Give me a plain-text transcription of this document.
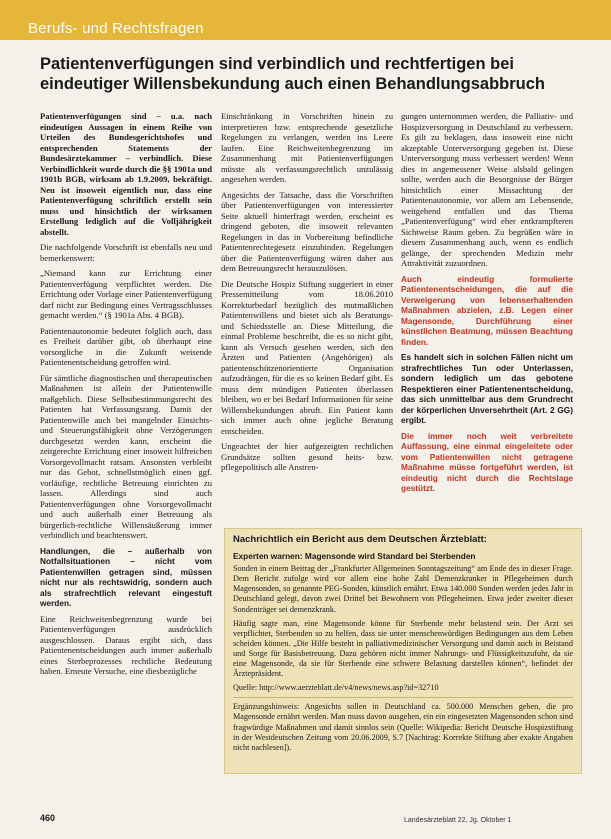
Berufs- und Rechtsfragen
Patientenverfügungen sind verbindlich und rechtfertigen bei eindeutiger Willensbekundung auch einen Behandlungsabbruch

Patientenverfügungen sind – u.a. nach eindeutigen Aussagen in einem Reihe von Urteilen des Bundesgerichtshofes und entsprechenden Statements der Bundesärztekammer – verbindlich. Diese Verbindlichkeit wurde durch die §§ 1901a und 1901b BGB, wirksam ab 1.9.2009, bekräftigt. Neu ist insoweit eigentlich nur, dass eine Patientenverfügung schriftlich erstellt sein muss und hinsichtlich der wirksamen Erstellung lediglich auf die Volljährigkeit abstellt.

Die nachfolgende Vorschrift ist ebenfalls neu und bemerkenswert:

„Niemand kann zur Errichtung einer Patientenverfügung verpflichtet werden. Die Errichtung oder Vorlage einer Patientenverfügung darf nicht zur Bedingung eines Vertragsschlusses gemacht werden.“ (§ 1901a Abs. 4 BGB).

Patientenautonomie bedeutet folglich auch, dass es Freiheit darüber gibt, ob überhaupt eine vorsorgliche in die Zukunft weisende Patientenentscheidung getroffen wird.

Für sämtliche diagnostischen und therapeutischen Maßnahmen ist allein der Patientenwille maßgeblich. Diese Selbstbestimmungsrecht des Patienten hat Verfassungsrang. Damit der Patientenwille auch bei mangelnder Einsichts- und Steuerungsfähigkeit ohne Verzögerungen durchgesetzt werden kann, erscheint die zeitgerechte Errichtung einer insoweit hilfreichen Vorsorgevollmacht ratsam. Ansonsten verbleibt nur das Gebot, schnellstmöglich einen ggf. vorläufige, rechtliche Betreuung einrichten zu lassen. Allerdings sind auch Patientenverfügungen ohne Vorsorgevollmacht und auch außerhalb einer Betreuung als bürgerlich-rechtliche Willensäußerung immer verbindlich und beachtenswert.

Handlungen, die – außerhalb von Notfallsituationen – nicht vom Patientenwillen getragen sind, müssen nicht nur als rechtswidrig, sondern auch als strafrechtlich relevant eingestuft werden.

Eine Reichweitenbegrenzung wurde bei Patientenverfügungen ausdrücklich ausgeschlossen. Daraus ergibt sich, dass Patientenentscheidungen auch immer außerhalb eines Sterbeprozesses rechtliche Bedeutung haben. Erneute Versuche, eine diesbezügliche

Einschränkung in Vorschriften hinein zu interpretieren bzw. entsprechende gesetzliche Regelungen zu verlangen, werden ins Leere laufen. Eine Reichweitenbegrenzung im Zusammenhang mit Patientenverfügungen müsste als verfassungsrechtlich unzulässig angesehen werden.

Angesichts der Tatsache, dass die Vorschriften über Patientenverfügungen von interessierter Seite aktuell hinterfragt werden, erscheint es dringend geboten, die insoweit relevanten Regelungen in das in Vorbereitung befindliche Patientenrechtegesetz einzubinden. Regelungen über die Patientenverfügung wären daher aus dem Betreuungsrecht herauszulösen.

Die Deutsche Hospiz Stiftung suggeriert in einer Pressemitteilung vom 18.06.2010 Korrekturbedarf bezüglich des mutmaßlichen Patientenwillens und bietet sich als Beratungs- und Schiedsstelle an. Diese Mitteilung, die einmal Probleme beschreibt, die es so nicht gibt, kann als Versuch gesehen werden, sich den Ärzten und Patienten (Angehörigen) als patientenschützenorientierte Organisation aufzudrängen, für die es so keinen Bedarf gibt. Es muss dem mündigen Patienten überlassen bleiben, wo er bei Bedarf Informationen für seine Willensbekundungen abruft. Ein Patient kann sich immer auch ohne jegliche Beratung entscheiden.

Ungeachtet der hier aufgezeigten rechtlichen Grundsätze sollten gesund heits- bzw. pflegepolitisch alle Anstren-

gungen unternommen werden, die Palliativ- und Hospizversorgung in Deutschland zu verbessern. Es gilt zu beklagen, dass insoweit eine nicht akzeptable Unterversorgung gegeben ist. Diese Unterversorgung muss verbessert werden! Wenn dies in angemessener Weise alsbald gelingen sollte, werden auch die Besorgnisse der Bürger hinsichtlich einer Missachtung der Patientenautonomie, vor allem am Lebensende, weitgehend entfallen und das Thema „Patientenverfügung“ wird eher entkrampfteren Sichtweise Raum geben. Zu begrüßen wäre in diesem Zusammenhang auch, wenn es endlich gelänge, der sprechenden Medizin mehr Attraktivität zuzuordnen.

Auch eindeutig formulierte Patientenentscheidungen, die auf die Verweigerung von lebenserhaltenden Maßnahmen abzielen, z.B. Legen einer Magensonde, Durchführung einer künstlichen Beatmung, müssen Beachtung finden.

Es handelt sich in solchen Fällen nicht um strafrechtliches Tun oder Unterlassen, sondern lediglich um das gebotene Respektieren einer Patientenentscheidung, das sich unmittelbar aus dem Grundrecht der körperlichen Unversehrtheit (Art. 2 GG) ergibt.

Die immer noch weit verbreitete Auffassung, eine einmal eingeleitete oder vom Patientenwillen nicht getragene Maßnahme müsse fortgeführt werden, ist eindeutig nicht durch die Rechtslage gestützt.

Nachrichtlich ein Bericht aus dem Deutschen Ärzteblatt:
Experten warnen: Magensonde wird Standard bei Sterbenden

Sonden in einem Beitrag der „Frankfurter Allgemeinen Sonntagszeitung“ am Ende des in dieser Frage. Dem Bericht zufolge wird vor allem eine hohe Zahl Demenzkranker in Pflegeheimen durch Magensonden, so genannte PEG-Sonden, künstlich ernährt. Etwa 140.000 Sonden werden jedes Jahr in Deutschland gelegt, davon zwei Drittel bei Bewohnern von Pflegeheimen. Etwa jeder zweiter dieser Sondenträger sei demenzkrank.

Häufig sagte man, eine Magensonde könne für Sterbende mehr belastend sein. Der Arzt sei verpflichtet, Sterbenden so zu helfen, dass sie unter menschenwürdigen Bedingungen aus dem Leben scheiden können. „Die Hilfe besteht in palliativmedizinischer Versorgung und damit auch in Beistand und Sorge für Basisbetreuung. Dazu gehören nicht immer Nahrungs- und Flüssigkeitszufuhr, da sie eine Magensonde, da sie für Sterbende eine schwere Belastung darstellen können“, befindet der Ärztepräsident.

Quelle: http://www.aerzteblatt.de/v4/news/news.asp?id=32710

Ergänzungshinweis: Angesichts sollen in Deutschland ca. 500.000 Menschen geben, die pro Magensonde ernährt werden. Man muss davon ausgehen, ein ein eingesetzten Magensonden schon sind fragwürdige Maßnahmen und damit sinnlos sein (Quelle: Wikipedia: Bericht Deutsche Hospizstiftung in der Westdeutschen Zeitung vom 20.06.2009, S.7 [Nachtrag: Korrekte Stiftung aber exakte Angaben nicht nachlesen]).

460	Landesärzteblatt 22, Jg. Oktober 1
